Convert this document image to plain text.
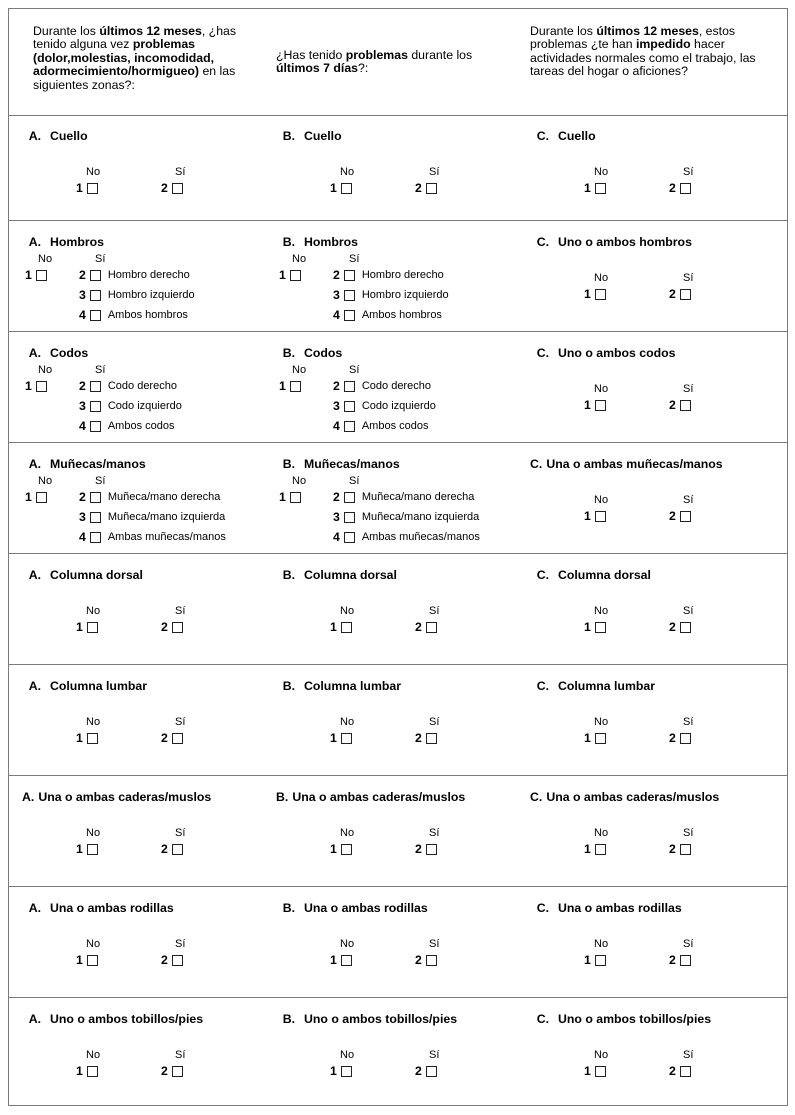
Durante los últimos 12 meses, ¿has tenido alguna vez problemas (dolor,molestias, incomodidad, adormecimiento/hormigueo) en las siguientes zonas?:
¿Has tenido problemas durante los últimos 7 días?:
Durante los últimos 12 meses, estos problemas ¿te han impedido hacer actividades normales como el trabajo, las tareas del hogar o aficiones?
A. Cuello
No	Sí
1	2
B. Cuello
No	Sí
1	2
C. Cuello
No	Sí
1	2
A. Hombros
No	Sí
1	2 Hombro derecho
3 Hombro izquierdo
4 Ambos hombros
B. Hombros
No	Sí
1	2 Hombro derecho
3 Hombro izquierdo
4 Ambos hombros
C. Uno o ambos hombros
No	Sí
1	2
A. Codos
No	Sí
1	2 Codo derecho
3 Codo izquierdo
4 Ambos codos
B. Codos
No	Sí
1	2 Codo derecho
3 Codo izquierdo
4 Ambos codos
C. Uno o ambos codos
No	Sí
1	2
A. Muñecas/manos
No	Sí
1	2 Muñeca/mano derecha
3 Muñeca/mano izquierda
4 Ambas muñecas/manos
B. Muñecas/manos
No	Sí
1	2 Muñeca/mano derecha
3 Muñeca/mano izquierda
4 Ambas muñecas/manos
C. Una o ambas muñecas/manos
No	Sí
1	2
A. Columna dorsal
No	Sí
1	2
B. Columna dorsal
No	Sí
1	2
C. Columna dorsal
No	Sí
1	2
A. Columna lumbar
No	Sí
1	2
B. Columna lumbar
No	Sí
1	2
C. Columna lumbar
No	Sí
1	2
A. Una o ambas caderas/muslos
No	Sí
1	2
B. Una o ambas caderas/muslos
No	Sí
1	2
C. Una o ambas caderas/muslos
No	Sí
1	2
A. Una o ambas rodillas
No	Sí
1	2
B. Una o ambas rodillas
No	Sí
1	2
C. Una o ambas rodillas
No	Sí
1	2
A. Uno o ambos tobillos/pies
No	Sí
1	2
B. Uno o ambos tobillos/pies
No	Sí
1	2
C. Uno o ambos tobillos/pies
No	Sí
1	2
